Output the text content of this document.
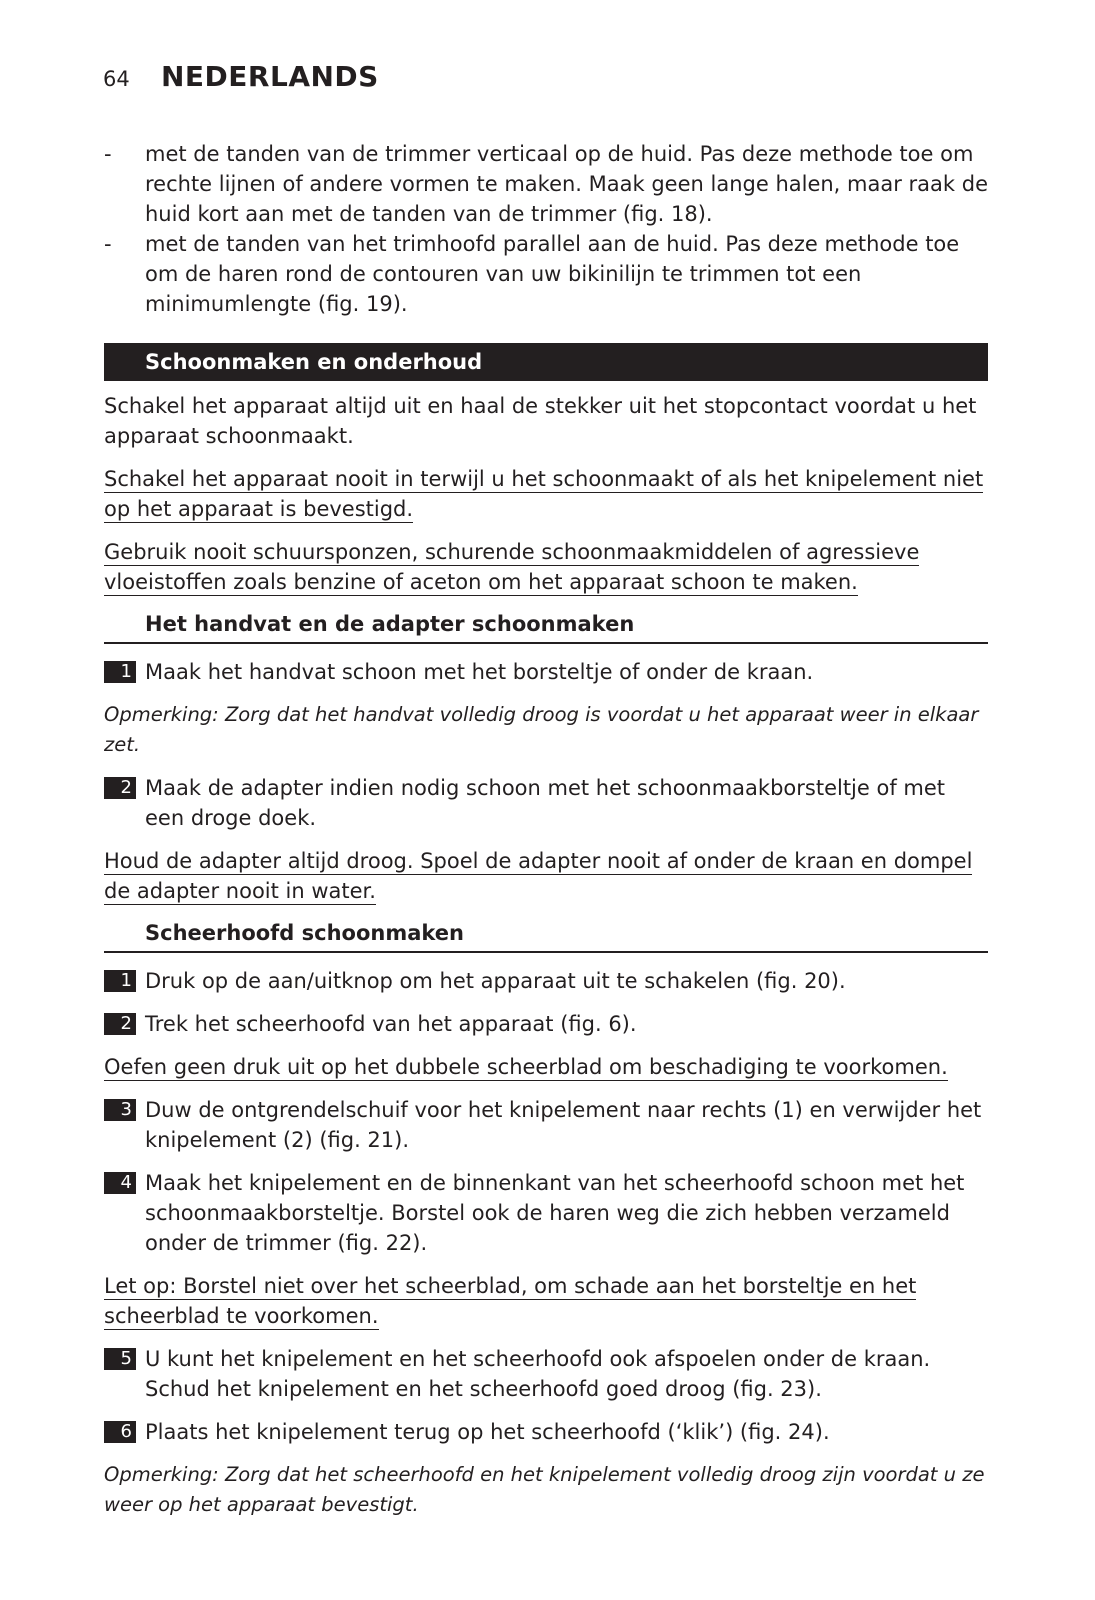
64	NEDERLANDS

- met de tanden van de trimmer verticaal op de huid. Pas deze methode toe om rechte lijnen of andere vormen te maken. Maak geen lange halen, maar raak de huid kort aan met de tanden van de trimmer (fig. 18).

- met de tanden van het trimhoofd parallel aan de huid. Pas deze methode toe om de haren rond de contouren van uw bikinilijn te trimmen tot een minimumlengte (fig. 19).

Schoonmaken en onderhoud

Schakel het apparaat altijd uit en haal de stekker uit het stopcontact voordat u het apparaat schoonmaakt.

Schakel het apparaat nooit in terwijl u het schoonmaakt of als het knipelement niet op het apparaat is bevestigd.

Gebruik nooit schuursponzen, schurende schoonmaakmiddelen of agressieve vloeistoffen zoals benzine of aceton om het apparaat schoon te maken.

Het handvat en de adapter schoonmaken

1 Maak het handvat schoon met het borsteltje of onder de kraan.

Opmerking: Zorg dat het handvat volledig droog is voordat u het apparaat weer in elkaar zet.

2 Maak de adapter indien nodig schoon met het schoonmaakborsteltje of met een droge doek.

Houd de adapter altijd droog. Spoel de adapter nooit af onder de kraan en dompel de adapter nooit in water.

Scheerhoofd schoonmaken

1 Druk op de aan/uitknop om het apparaat uit te schakelen (fig. 20).

2 Trek het scheerhoofd van het apparaat (fig. 6).

Oefen geen druk uit op het dubbele scheerblad om beschadiging te voorkomen.

3 Duw de ontgrendelschuif voor het knipelement naar rechts (1) en verwijder het knipelement (2) (fig. 21).

4 Maak het knipelement en de binnenkant van het scheerhoofd schoon met het schoonmaakborsteltje. Borstel ook de haren weg die zich hebben verzameld onder de trimmer (fig. 22).

Let op: Borstel niet over het scheerblad, om schade aan het borsteltje en het scheerblad te voorkomen.

5 U kunt het knipelement en het scheerhoofd ook afspoelen onder de kraan. Schud het knipelement en het scheerhoofd goed droog (fig. 23).

6 Plaats het knipelement terug op het scheerhoofd (‘klik’) (fig. 24).

Opmerking: Zorg dat het scheerhoofd en het knipelement volledig droog zijn voordat u ze weer op het apparaat bevestigt.
